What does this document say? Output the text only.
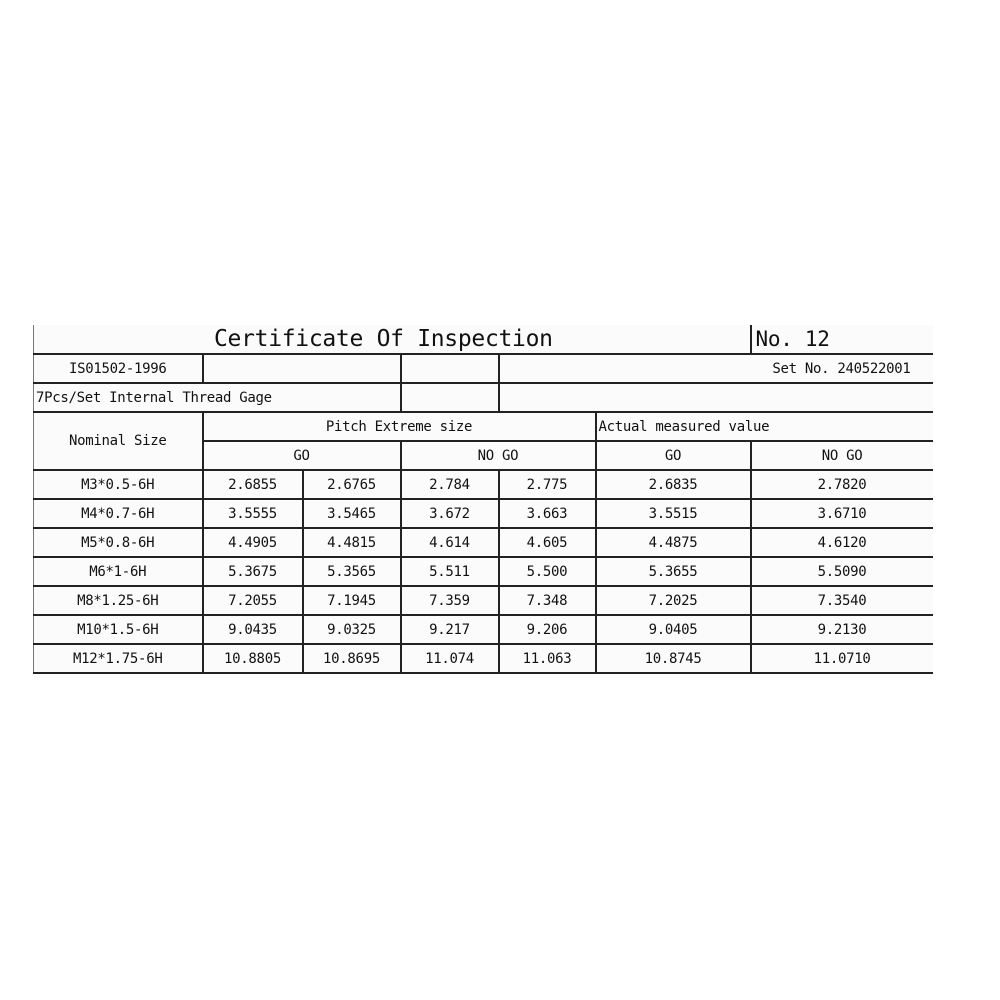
Certificate Of Inspection						No. 12
IS01502-1996				Set No. 240522001		
7Pcs/Set Internal Thread Gage						
Nominal Size	Pitch Extreme size				Actual measured value	
	GO		NO GO		GO	NO GO
M3*0.5-6H	2.6855	2.6765	2.784	2.775	2.6835	2.7820
M4*0.7-6H	3.5555	3.5465	3.672	3.663	3.5515	3.6710
M5*0.8-6H	4.4905	4.4815	4.614	4.605	4.4875	4.6120
M6*1-6H	5.3675	5.3565	5.511	5.500	5.3655	5.5090
M8*1.25-6H	7.2055	7.1945	7.359	7.348	7.2025	7.3540
M10*1.5-6H	9.0435	9.0325	9.217	9.206	9.0405	9.2130
M12*1.75-6H	10.8805	10.8695	11.074	11.063	10.8745	11.0710
